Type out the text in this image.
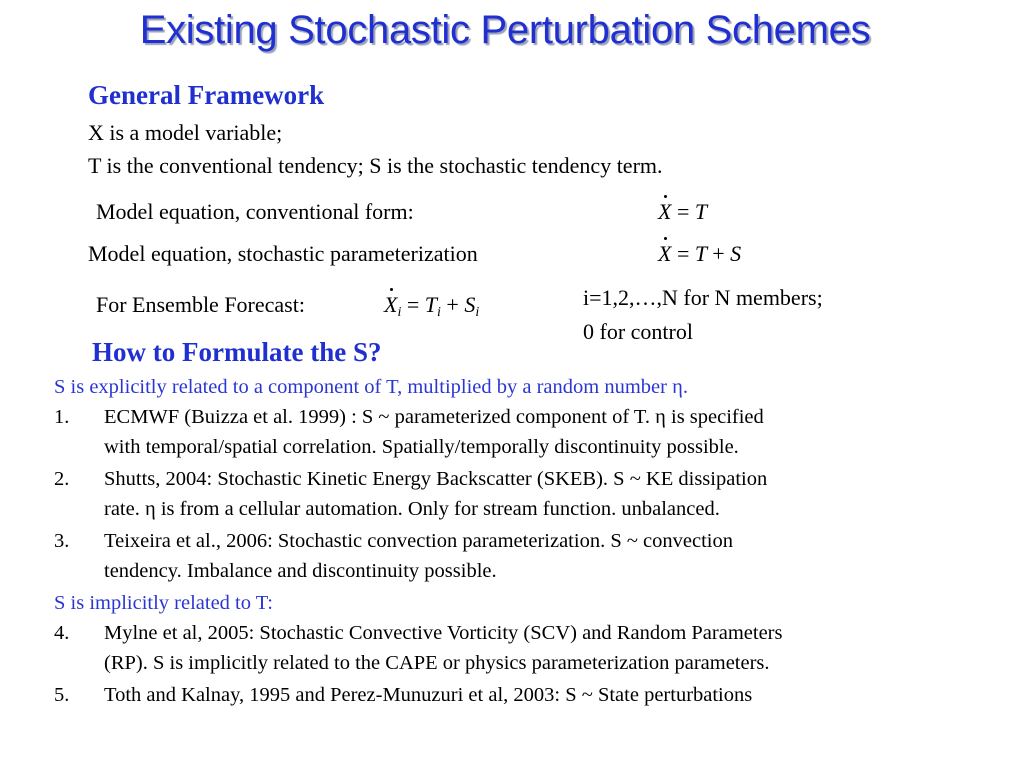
Existing Stochastic Perturbation Schemes
General Framework
X is a model variable;
T is the conventional tendency; S is the stochastic tendency term.
Model equation, conventional form:	X = T
Model equation, stochastic parameterization	X = T + S
For Ensemble Forecast:	$X_i = T_i + S_i$
i=1,2,…,N for N members;
0 for control
How to Formulate the S?
S is explicitly related to a component of T, multiplied by a random number η.
1.	ECMWF (Buizza et al. 1999) : S ~ parameterized component of T. η is specified
with temporal/spatial correlation. Spatially/temporally discontinuity possible.
2.	Shutts, 2004: Stochastic Kinetic Energy Backscatter (SKEB). S ~ KE dissipation
rate. η is from a cellular automation. Only for stream function. unbalanced.
3.	Teixeira et al., 2006: Stochastic convection parameterization. S ~ convection
tendency. Imbalance and discontinuity possible.
S is implicitly related to T:
4.	Mylne et al, 2005: Stochastic Convective Vorticity (SCV) and Random Parameters
(RP). S is implicitly related to the CAPE or physics parameterization parameters.
5.	Toth and Kalnay, 1995 and Perez-Munuzuri et al, 2003: S ~ State perturbations
